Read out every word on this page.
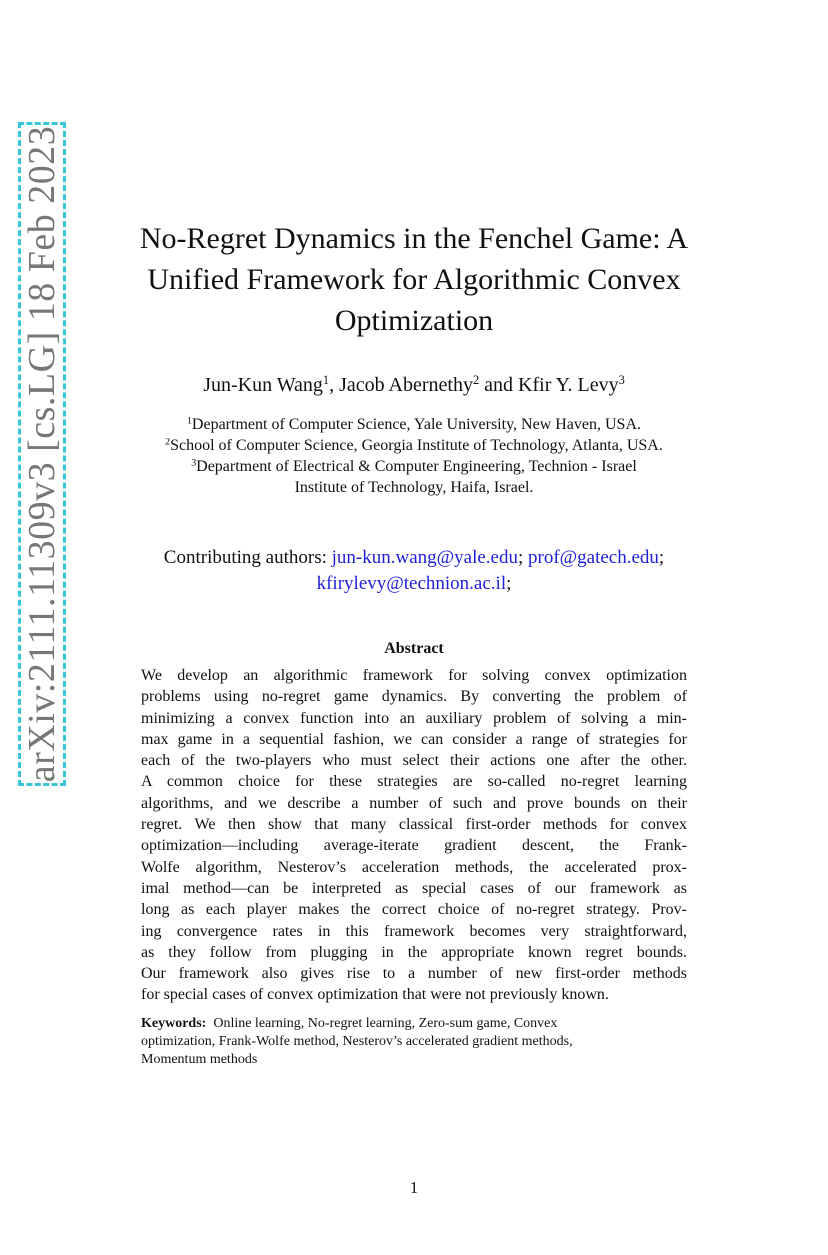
arXiv:2111.11309v3 [cs.LG] 18 Feb 2023	No-Regret Dynamics in the Fenchel Game: A
Unified Framework for Algorithmic Convex
Optimization
Jun-Kun Wang$^1$, Jacob Abernethy$^2$ and Kfir Y. Levy$^3$
$^1$Department of Computer Science, Yale University, New Haven, USA.
$^2$School of Computer Science, Georgia Institute of Technology, Atlanta, USA.
$^3$Department of Electrical & Computer Engineering, Technion - Israel
Institute of Technology, Haifa, Israel.
Contributing authors: jun-kun.wang@yale.edu; prof@gatech.edu;
kfirylevy@technion.ac.il;
Abstract
We develop an algorithmic framework for solving convex optimization
problems using no-regret game dynamics. By converting the problem of
minimizing a convex function into an auxiliary problem of solving a min-
max game in a sequential fashion, we can consider a range of strategies for
each of the two-players who must select their actions one after the other.
A common choice for these strategies are so-called no-regret learning
algorithms, and we describe a number of such and prove bounds on their
regret. We then show that many classical first-order methods for convex
optimization—including average-iterate gradient descent, the Frank-
Wolfe algorithm, Nesterov’s acceleration methods, the accelerated prox-
imal method—can be interpreted as special cases of our framework as
long as each player makes the correct choice of no-regret strategy. Prov-
ing convergence rates in this framework becomes very straightforward,
as they follow from plugging in the appropriate known regret bounds.
Our framework also gives rise to a number of new first-order methods
for special cases of convex optimization that were not previously known.
Keywords: Online learning, No-regret learning, Zero-sum game, Convex
optimization, Frank-Wolfe method, Nesterov’s accelerated gradient methods,
Momentum methods
1
